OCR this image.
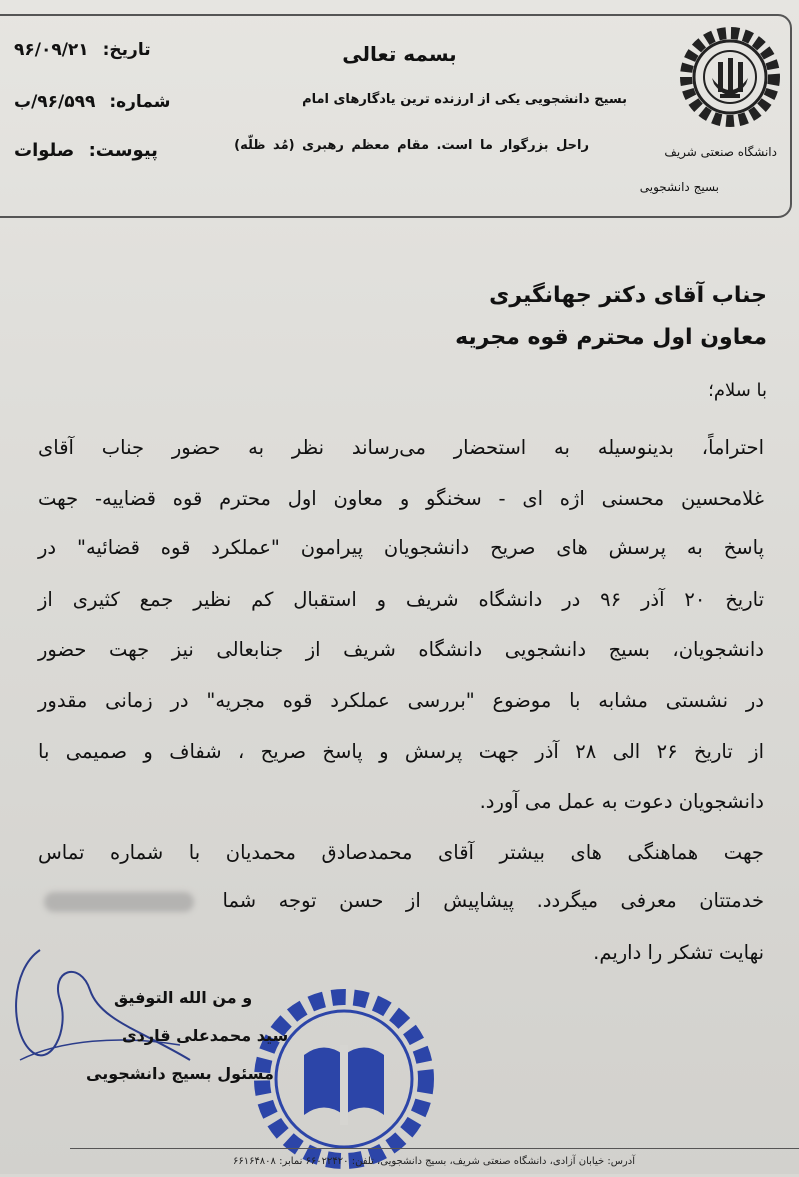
دانشگاه صنعتی شریف
بسیج دانشجویی
بسمه تعالی
بسیج دانشجویی یکی از ارزنده ترین یادگارهای امام
راحل بزرگوار ما است. مقام معظم رهبری (مُد ظلّه)
تاریخ: ۹۶/۰۹/۲۱
شماره: ۹۶/۵۹۹/ب
پیوست: صلوات
جناب آقای دکتر جهانگیری
معاون اول محترم قوه مجریه
با سلام؛
احتراماً، بدینوسیله به استحضار می‌رساند نظر به حضور جناب آقای
غلامحسین محسنی اژه ای - سخنگو و معاون اول محترم قوه قضاییه- جهت
پاسخ به پرسش های صریح دانشجویان پیرامون "عملکرد قوه قضائیه" در
تاریخ ۲۰ آذر ۹۶ در دانشگاه شریف و استقبال کم نظیر جمع کثیری از
دانشجویان، بسیج دانشجویی دانشگاه شریف از جنابعالی نیز جهت حضور
در نشستی مشابه با موضوع "بررسی عملکرد قوه مجریه" در زمانی مقدور
از تاریخ ۲۶ الی ۲۸ آذر جهت پرسش و پاسخ صریح ، شفاف و صمیمی با
دانشجویان دعوت به عمل می آورد.
جهت هماهنگی های بیشتر آقای محمدصادق محمدیان با شماره تماس
خدمتتان معرفی میگردد. پیشاپیش از حسن توجه شما
نهایت تشکر را داریم.
و من الله التوفیق
سید محمدعلی قاردی
مسئول بسیج دانشجویی
آدرس: خیابان آزادی، دانشگاه صنعتی شریف، بسیج دانشجویی، تلفن: ۶۶۰۲۲۴۲۰ نمابر: ۶۶۱۶۴۸۰۸
